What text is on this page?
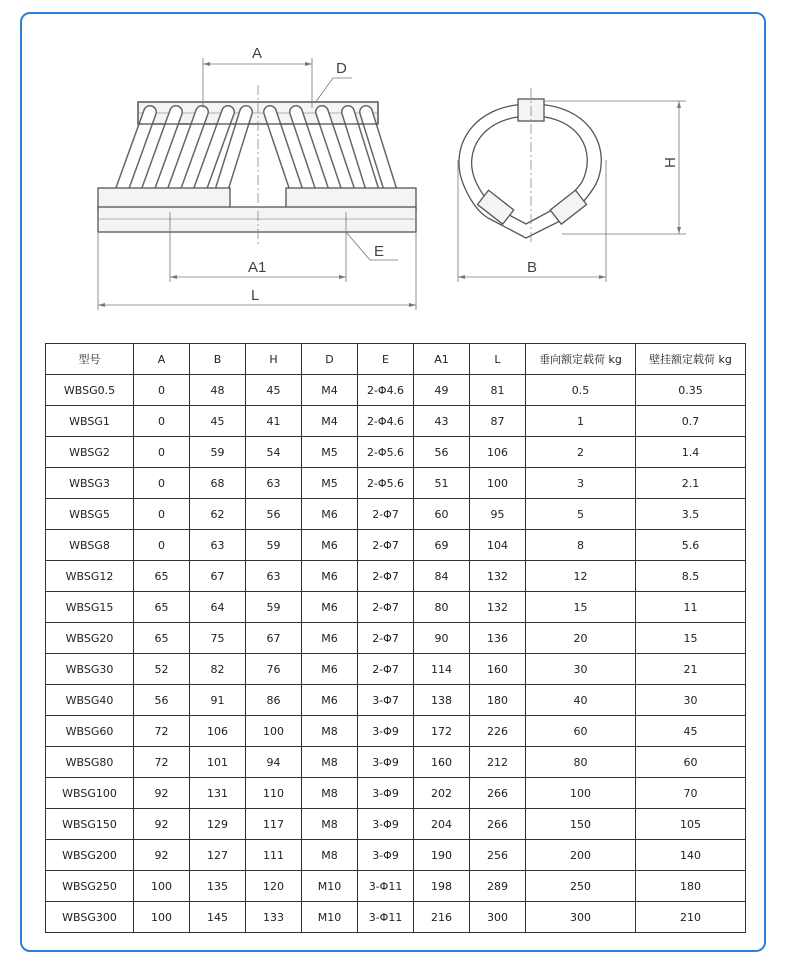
A
D
E
A1
L
H
B
型号	A	B	H	D	E	A1	L	垂向额定载荷 kg	壁挂额定载荷 kg
WBSG0.5	0	48	45	M4	2-Φ4.6	49	81	0.5	0.35
WBSG1	0	45	41	M4	2-Φ4.6	43	87	1	0.7
WBSG2	0	59	54	M5	2-Φ5.6	56	106	2	1.4
WBSG3	0	68	63	M5	2-Φ5.6	51	100	3	2.1
WBSG5	0	62	56	M6	2-Φ7	60	95	5	3.5
WBSG8	0	63	59	M6	2-Φ7	69	104	8	5.6
WBSG12	65	67	63	M6	2-Φ7	84	132	12	8.5
WBSG15	65	64	59	M6	2-Φ7	80	132	15	11
WBSG20	65	75	67	M6	2-Φ7	90	136	20	15
WBSG30	52	82	76	M6	2-Φ7	114	160	30	21
WBSG40	56	91	86	M6	3-Φ7	138	180	40	30
WBSG60	72	106	100	M8	3-Φ9	172	226	60	45
WBSG80	72	101	94	M8	3-Φ9	160	212	80	60
WBSG100	92	131	110	M8	3-Φ9	202	266	100	70
WBSG150	92	129	117	M8	3-Φ9	204	266	150	105
WBSG200	92	127	111	M8	3-Φ9	190	256	200	140
WBSG250	100	135	120	M10	3-Φ11	198	289	250	180
WBSG300	100	145	133	M10	3-Φ11	216	300	300	210
